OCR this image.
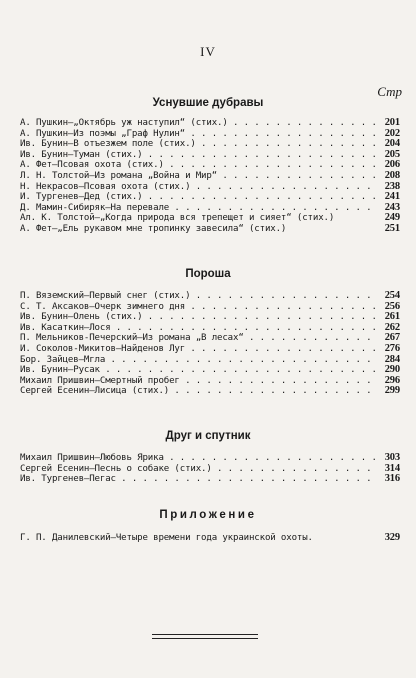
IV
Стр
Уснувшие дубравы
А. Пушкин—„Октябрь уж наступил“ (стих.) . . .	201
А. Пушкин—Из поэмы „Граф Нулин“ . . .	202
Ив. Бунин—В отъезжем поле (стих.) . . .	204
Ив. Бунин—Туман (стих.) . . .	205
А. Фет—Псовая охота (стих.) . . .	206
Л. Н. Толстой—Из романа „Война и Мир“ . . .	208
Н. Некрасов—Псовая охота (стих.) . . .	238
И. Тургенев—Дед (стих.) . . .	241
Д. Мамин-Сибиряк—На перевале . . .	243
Ал. К. Толстой—„Когда природа вся трепещет и сияет“ (стих.)	249
А. Фет—„Ель рукавом мне тропинку завесила“ (стих.)	251
Пороша
П. Вяземский—Первый снег (стих.) . . .	254
С. Т. Аксаков—Очерк зимнего дня . . .	256
Ив. Бунин—Олень (стих.) . . .	261
Ив. Касаткин—Лося . . .	262
П. Мельников-Печерский—Из романа „В лесах“ . . .	267
И. Соколов-Микитов—Найденов Луг . . .	276
Бор. Зайцев—Мгла . . .	284
Ив. Бунин—Русак . . .	290
Михаил Пришвин—Смертный пробег . . .	296
Сергей Есенин—Лисица (стих.) . . .	299
Друг и спутник
Михаил Пришвин—Любовь Ярика . . .	303
Сергей Есенин—Песнь о собаке (стих.) . . .	314
Ив. Тургенев—Пегас . . .	316
Приложение
Г. П. Данилевский—Четыре времени года украинской охоты.	329
